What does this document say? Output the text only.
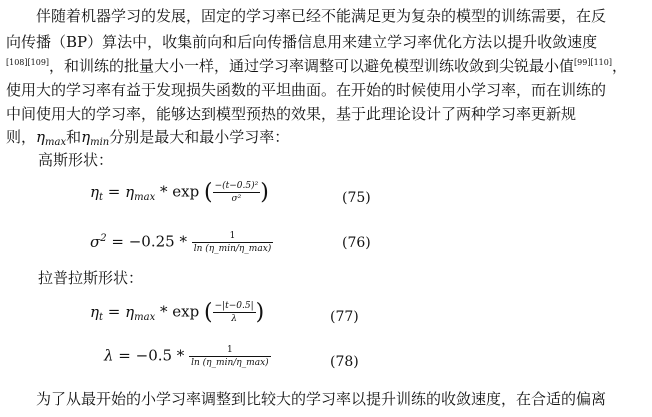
伴随着机器学习的发展，固定的学习率已经不能满足更为复杂的模型的训练需要，在反
向传播（BP）算法中，收集前向和后向传播信息用来建立学习率优化方法以提升收敛速度
[108][109]，和训练的批量大小一样，通过学习率调整可以避免模型训练收敛到尖锐最小值[99][110]，
使用大的学习率有益于发现损失函数的平坦曲面。在开始的时候使用小学习率，而在训练的
中间使用大的学习率，能够达到模型预热的效果，基于此理论设计了两种学习率更新规
则，$\eta_{max}$和$\eta_{min}$分别是最大和最小学习率：
高斯形状：
$\eta_t = \eta_{max} * \exp$ ( $\frac{\text{−(t−0.5)²}}{\text{σ²}}$ )	(75)
$\sigma^2 = -0.25 * \frac{1}{\ln (\eta\_\min/\eta\_\max)}$	(76)
拉普拉斯形状：
$\eta_t = \eta_{max} * \exp$ ( $\frac{-|t-0.5|}{\lambda}$ )	(77)
$\lambda = -0.5 * \frac{1}{\ln (\eta\_\min/\eta\_\max)}$	(78)
为了从最开始的小学习率调整到比较大的学习率以提升训练的收敛速度，在合适的偏离
